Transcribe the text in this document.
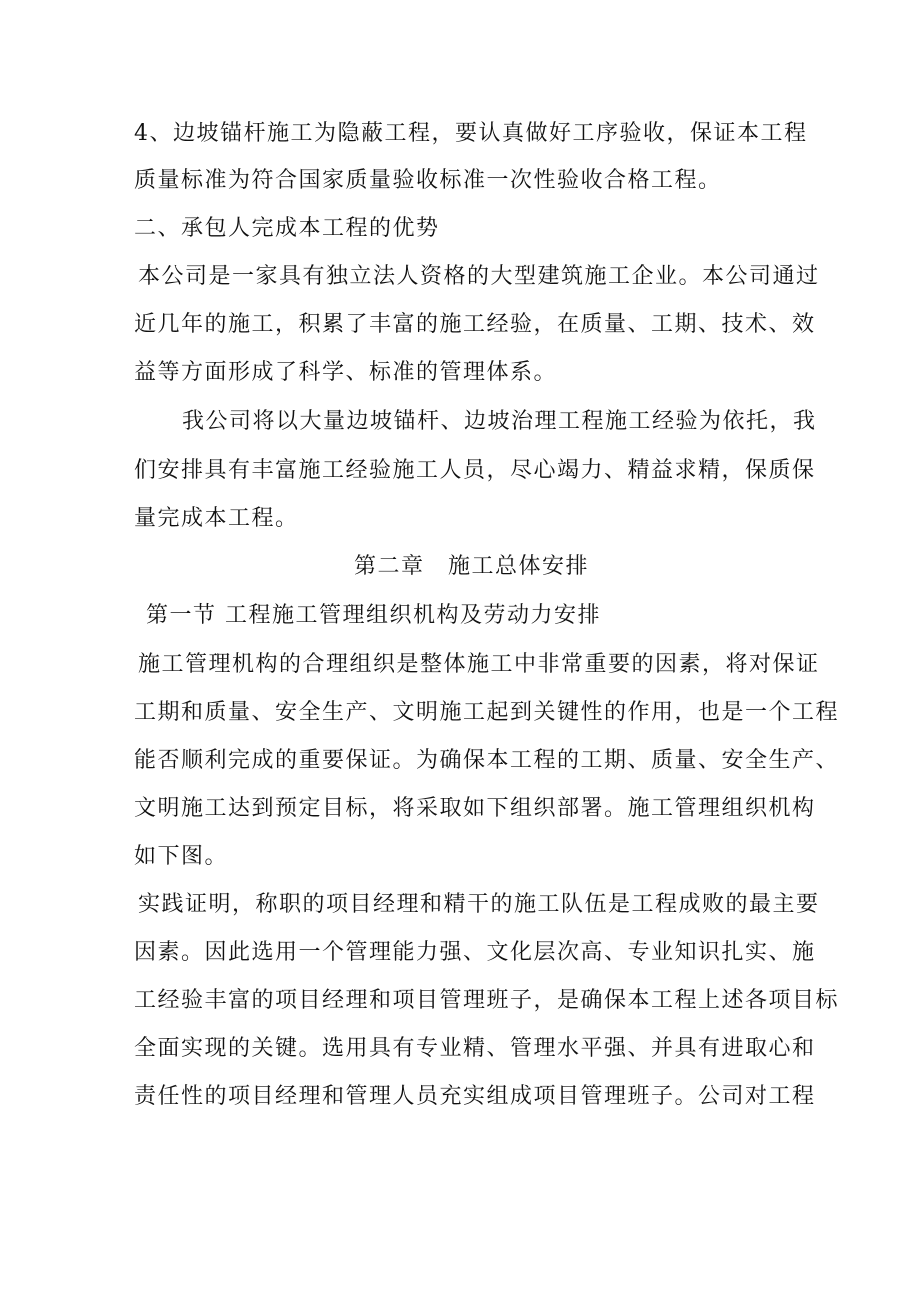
4、边坡锚杆施工为隐蔽工程，要认真做好工序验收，保证本工程
质量标准为符合国家质量验收标准一次性验收合格工程。
二、承包人完成本工程的优势
本公司是一家具有独立法人资格的大型建筑施工企业。本公司通过
近几年的施工，积累了丰富的施工经验，在质量、工期、技术、效
益等方面形成了科学、标准的管理体系。
我公司将以大量边坡锚杆、边坡治理工程施工经验为依托，我
们安排具有丰富施工经验施工人员，尽心竭力、精益求精，保质保
量完成本工程。
第二章　施工总体安排
第一节 工程施工管理组织机构及劳动力安排
施工管理机构的合理组织是整体施工中非常重要的因素，将对保证
工期和质量、安全生产、文明施工起到关键性的作用，也是一个工程
能否顺利完成的重要保证。为确保本工程的工期、质量、安全生产、
文明施工达到预定目标，将采取如下组织部署。施工管理组织机构
如下图。
实践证明，称职的项目经理和精干的施工队伍是工程成败的最主要
因素。因此选用一个管理能力强、文化层次高、专业知识扎实、施
工经验丰富的项目经理和项目管理班子，是确保本工程上述各项目标
全面实现的关键。选用具有专业精、管理水平强、并具有进取心和
责任性的项目经理和管理人员充实组成项目管理班子。公司对工程
